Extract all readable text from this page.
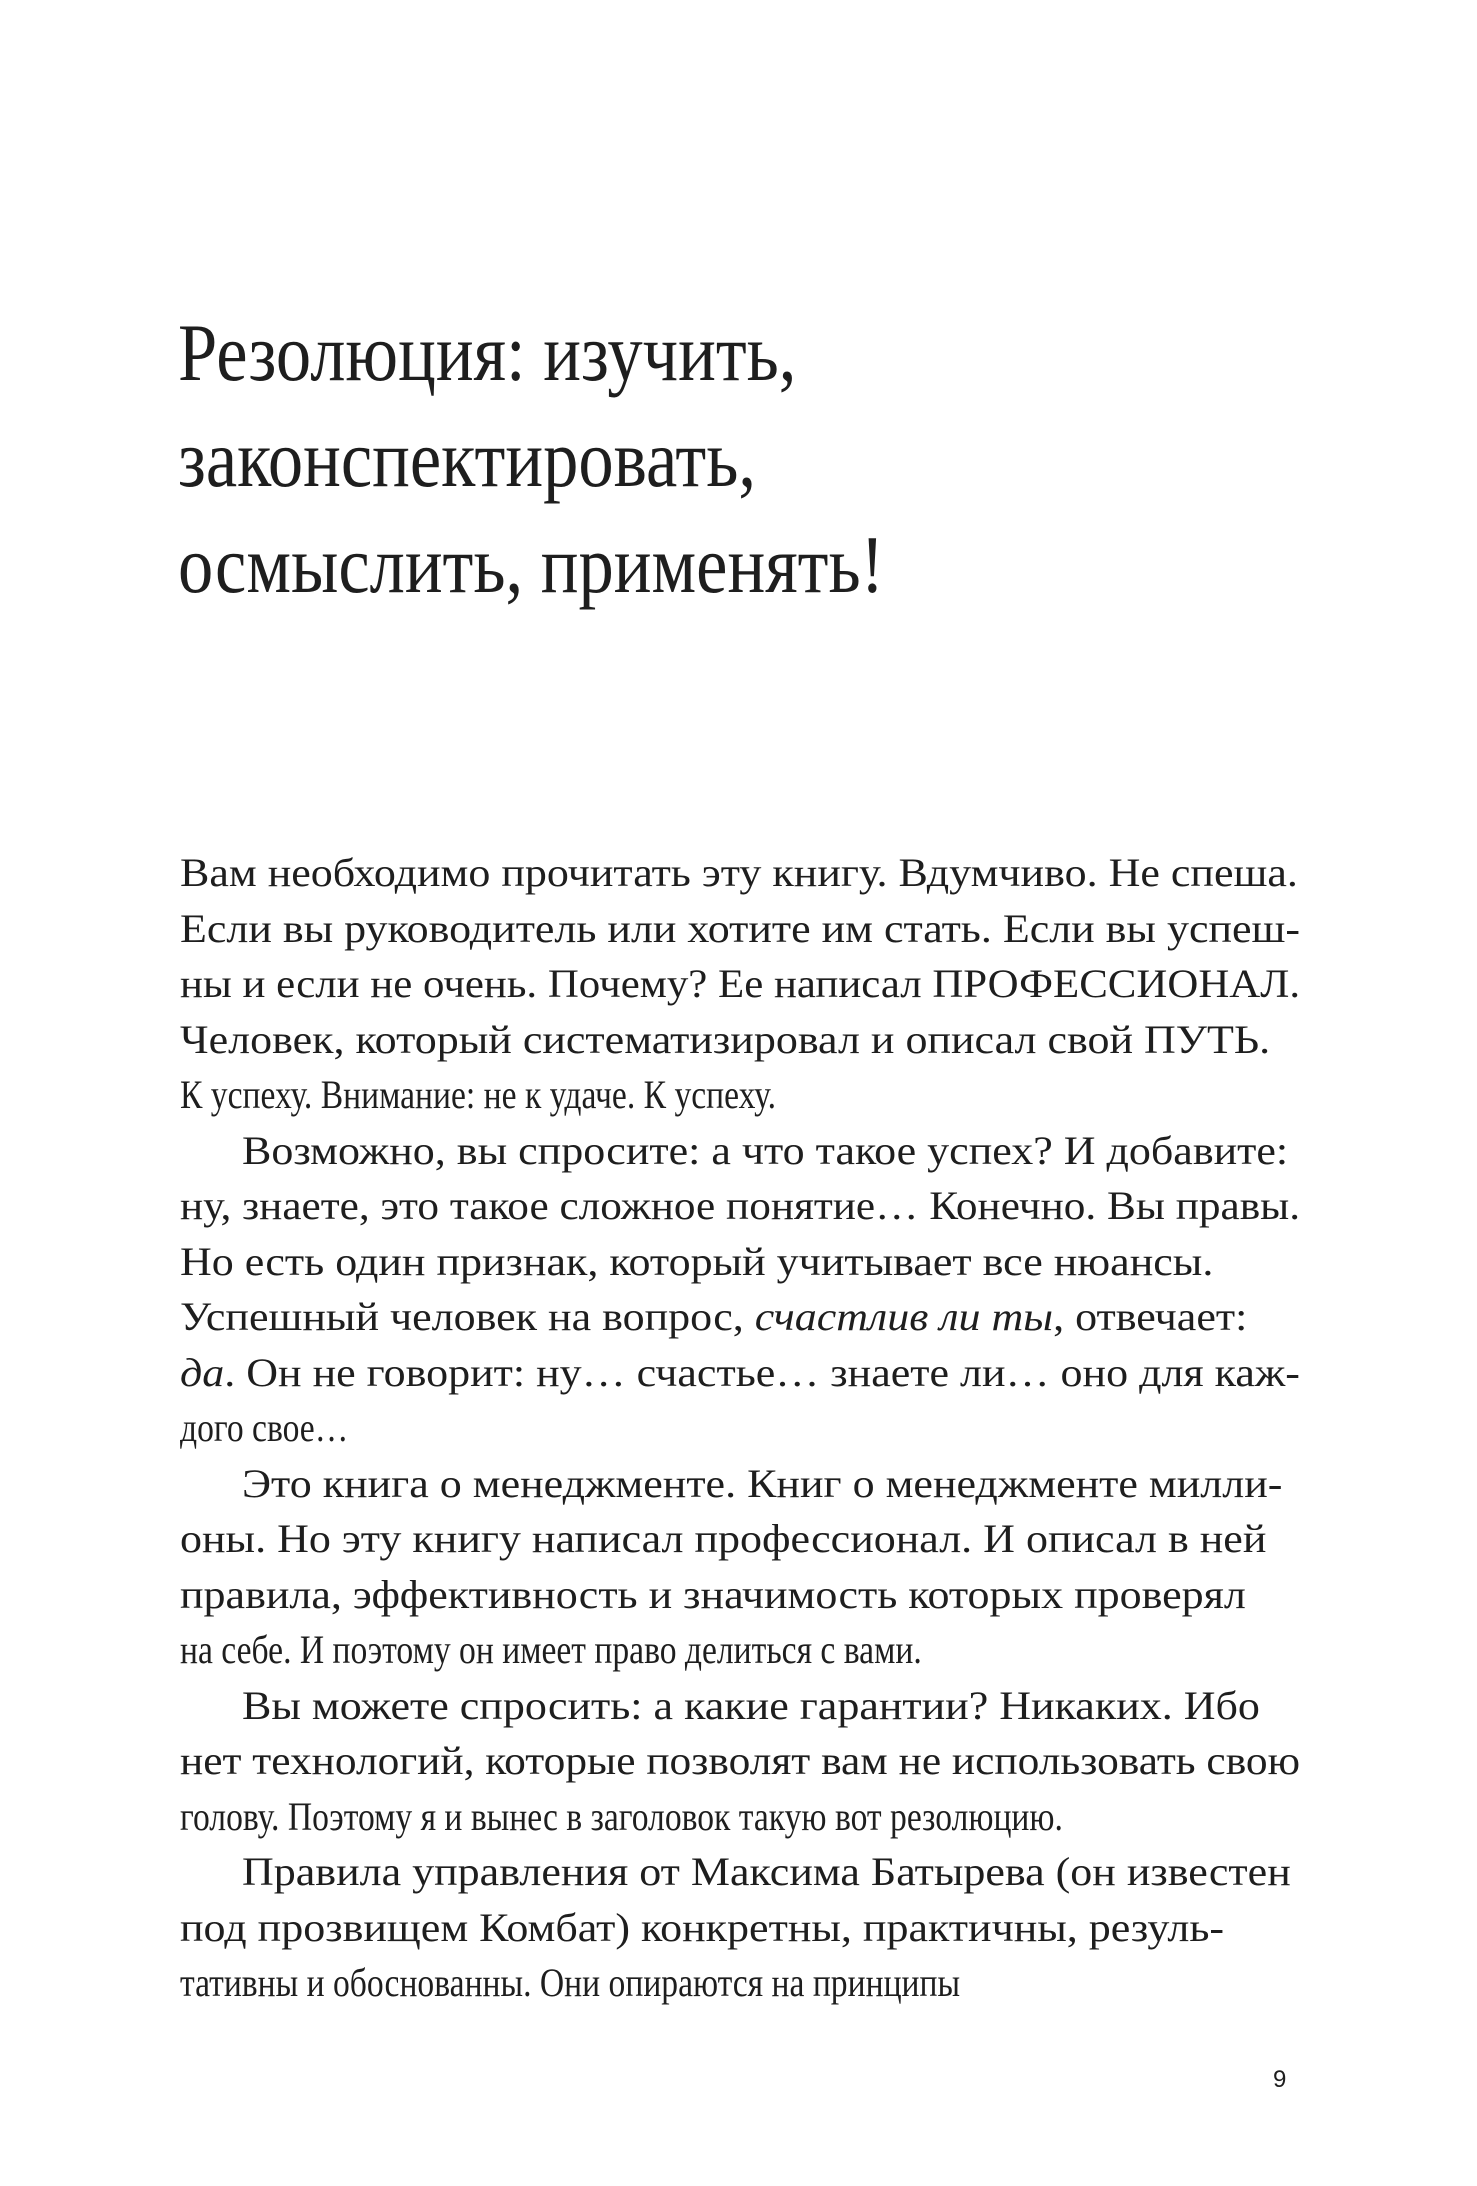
Резолюция: изучить,
законспектировать,
осмыслить, применять!
Вам необходимо прочитать эту книгу. Вдумчиво. Не спеша.
Если вы руководитель или хотите им стать. Если вы успеш-
ны и если не очень. Почему? Ее написал ПРОФЕССИОНАЛ.
Человек, который систематизировал и описал свой ПУТЬ.
К успеху. Внимание: не к удаче. К успеху.
Возможно, вы спросите: а что такое успех? И добавите:
ну, знаете, это такое сложное понятие… Конечно. Вы правы.
Но есть один признак, который учитывает все нюансы.
Успешный человек на вопрос, счастлив ли ты, отвечает:
да. Он не говорит: ну… счастье… знаете ли… оно для каж-
дого свое…
Это книга о менеджменте. Книг о менеджменте милли-
оны. Но эту книгу написал профессионал. И описал в ней
правила, эффективность и значимость которых проверял
на себе. И поэтому он имеет право делиться с вами.
Вы можете спросить: а какие гарантии? Никаких. Ибо
нет технологий, которые позволят вам не использовать свою
голову. Поэтому я и вынес в заголовок такую вот резолюцию.
Правила управления от Максима Батырева (он известен
под прозвищем Комбат) конкретны, практичны, резуль-
тативны и обоснованны. Они опираются на принципы
9
